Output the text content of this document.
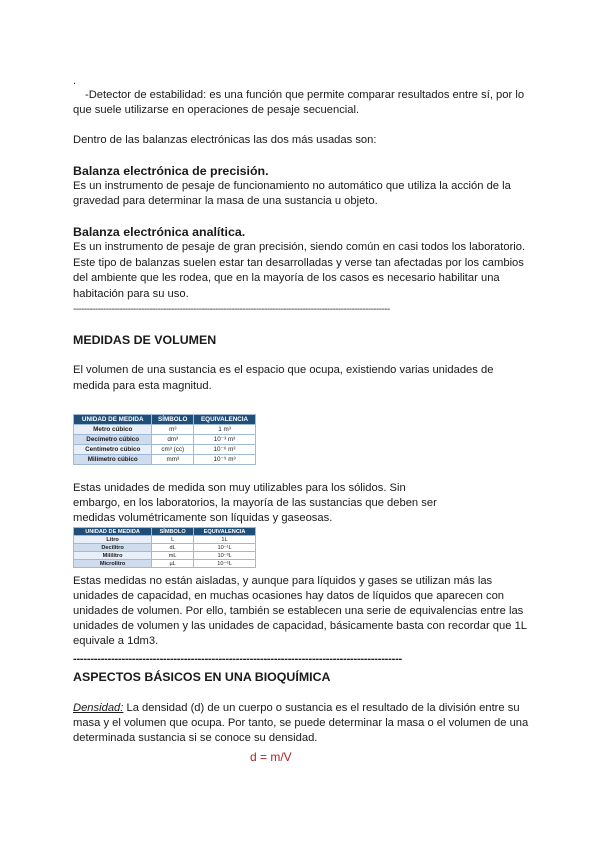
.
-Detector de estabilidad: es una función que permite comparar resultados entre sí, por lo
que suele utilizarse en operaciones de pesaje secuencial.
Dentro de las balanzas electrónicas las dos más usadas son:
Balanza electrónica de precisión.
Es un instrumento de pesaje de funcionamiento no automático que utiliza la acción de la
gravedad para determinar la masa de una sustancia u objeto.
Balanza electrónica analítica.
Es un instrumento de pesaje de gran precisión, siendo común en casi todos los laboratorio.
Este tipo de balanzas suelen estar tan desarrolladas y verse tan afectadas por los cambios
del ambiente que les rodea, que en la mayoría de los casos es necesario habilitar una
habitación para su uso.
--------------------------------------------------------------------------------------------------------------------
MEDIDAS DE VOLUMEN
El volumen de una sustancia es el espacio que ocupa, existiendo varias unidades de
medida para esta magnitud.
UNIDAD DE MEDIDA	SÍMBOLO	EQUIVALENCIA
Metro cúbico	m³	1 m³
Decímetro cúbico	dm³	10⁻³ m³
Centímetro cúbico	cm³ (cc)	10⁻⁶ m³
Milímetro cúbico	mm³	10⁻⁹ m³
Estas unidades de medida son muy utilizables para los sólidos. Sin
embargo, en los laboratorios, la mayoría de las sustancias que deben ser
medidas volumétricamente son líquidas y gaseosas.
UNIDAD DE MEDIDA	SÍMBOLO	EQUIVALENCIA
Litro	L	1L
Decilitro	dL	10⁻¹L
Mililitro	mL	10⁻³L
Microlitro	µL	10⁻⁶L
Estas medidas no están aisladas, y aunque para líquidos y gases se utilizan más las
unidades de capacidad, en muchas ocasiones hay datos de líquidos que aparecen con
unidades de volumen. Por ello, también se establecen una serie de equivalencias entre las
unidades de volumen y las unidades de capacidad, básicamente basta con recordar que 1L
equivale a 1dm3.
-----------------------------------------------------------------------------------------------
ASPECTOS BÁSICOS EN UNA BIOQUÍMICA
Densidad: La densidad (d) de un cuerpo o sustancia es el resultado de la división entre su
masa y el volumen que ocupa. Por tanto, se puede determinar la masa o el volumen de una
determinada sustancia si se conoce su densidad.
d = m/V
